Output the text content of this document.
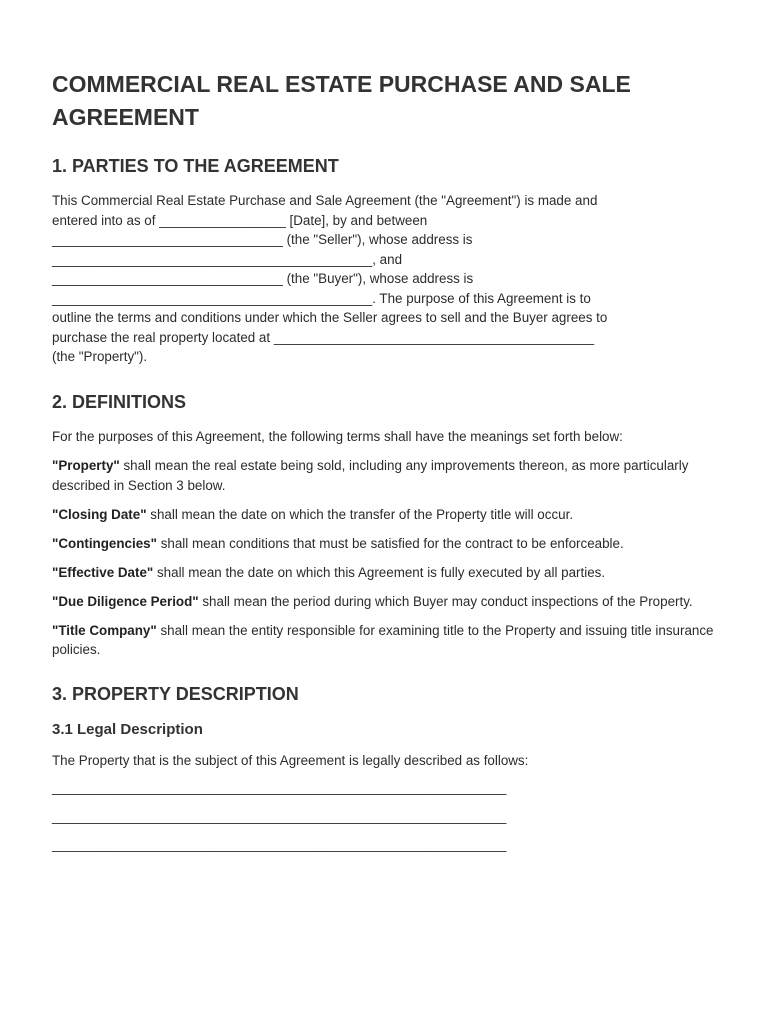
COMMERCIAL REAL ESTATE PURCHASE AND SALE AGREEMENT
1. PARTIES TO THE AGREEMENT

This Commercial Real Estate Purchase and Sale Agreement (the "Agreement") is made and
entered into as of _________________ [Date], by and between
_______________________________ (the "Seller"), whose address is
___________________________________________, and
_______________________________ (the "Buyer"), whose address is
___________________________________________. The purpose of this Agreement is to
outline the terms and conditions under which the Seller agrees to sell and the Buyer agrees to
purchase the real property located at ___________________________________________
(the "Property").

2. DEFINITIONS

For the purposes of this Agreement, the following terms shall have the meanings set forth below:

"Property" shall mean the real estate being sold, including any improvements thereon, as more particularly described in Section 3 below.

"Closing Date" shall mean the date on which the transfer of the Property title will occur.

"Contingencies" shall mean conditions that must be satisfied for the contract to be enforceable.

"Effective Date" shall mean the date on which this Agreement is fully executed by all parties.

"Due Diligence Period" shall mean the period during which Buyer may conduct inspections of the Property.

"Title Company" shall mean the entity responsible for examining title to the Property and issuing title insurance policies.

3. PROPERTY DESCRIPTION
3.1 Legal Description

The Property that is the subject of this Agreement is legally described as follows:

_____________________________________________________________

_____________________________________________________________

_____________________________________________________________
